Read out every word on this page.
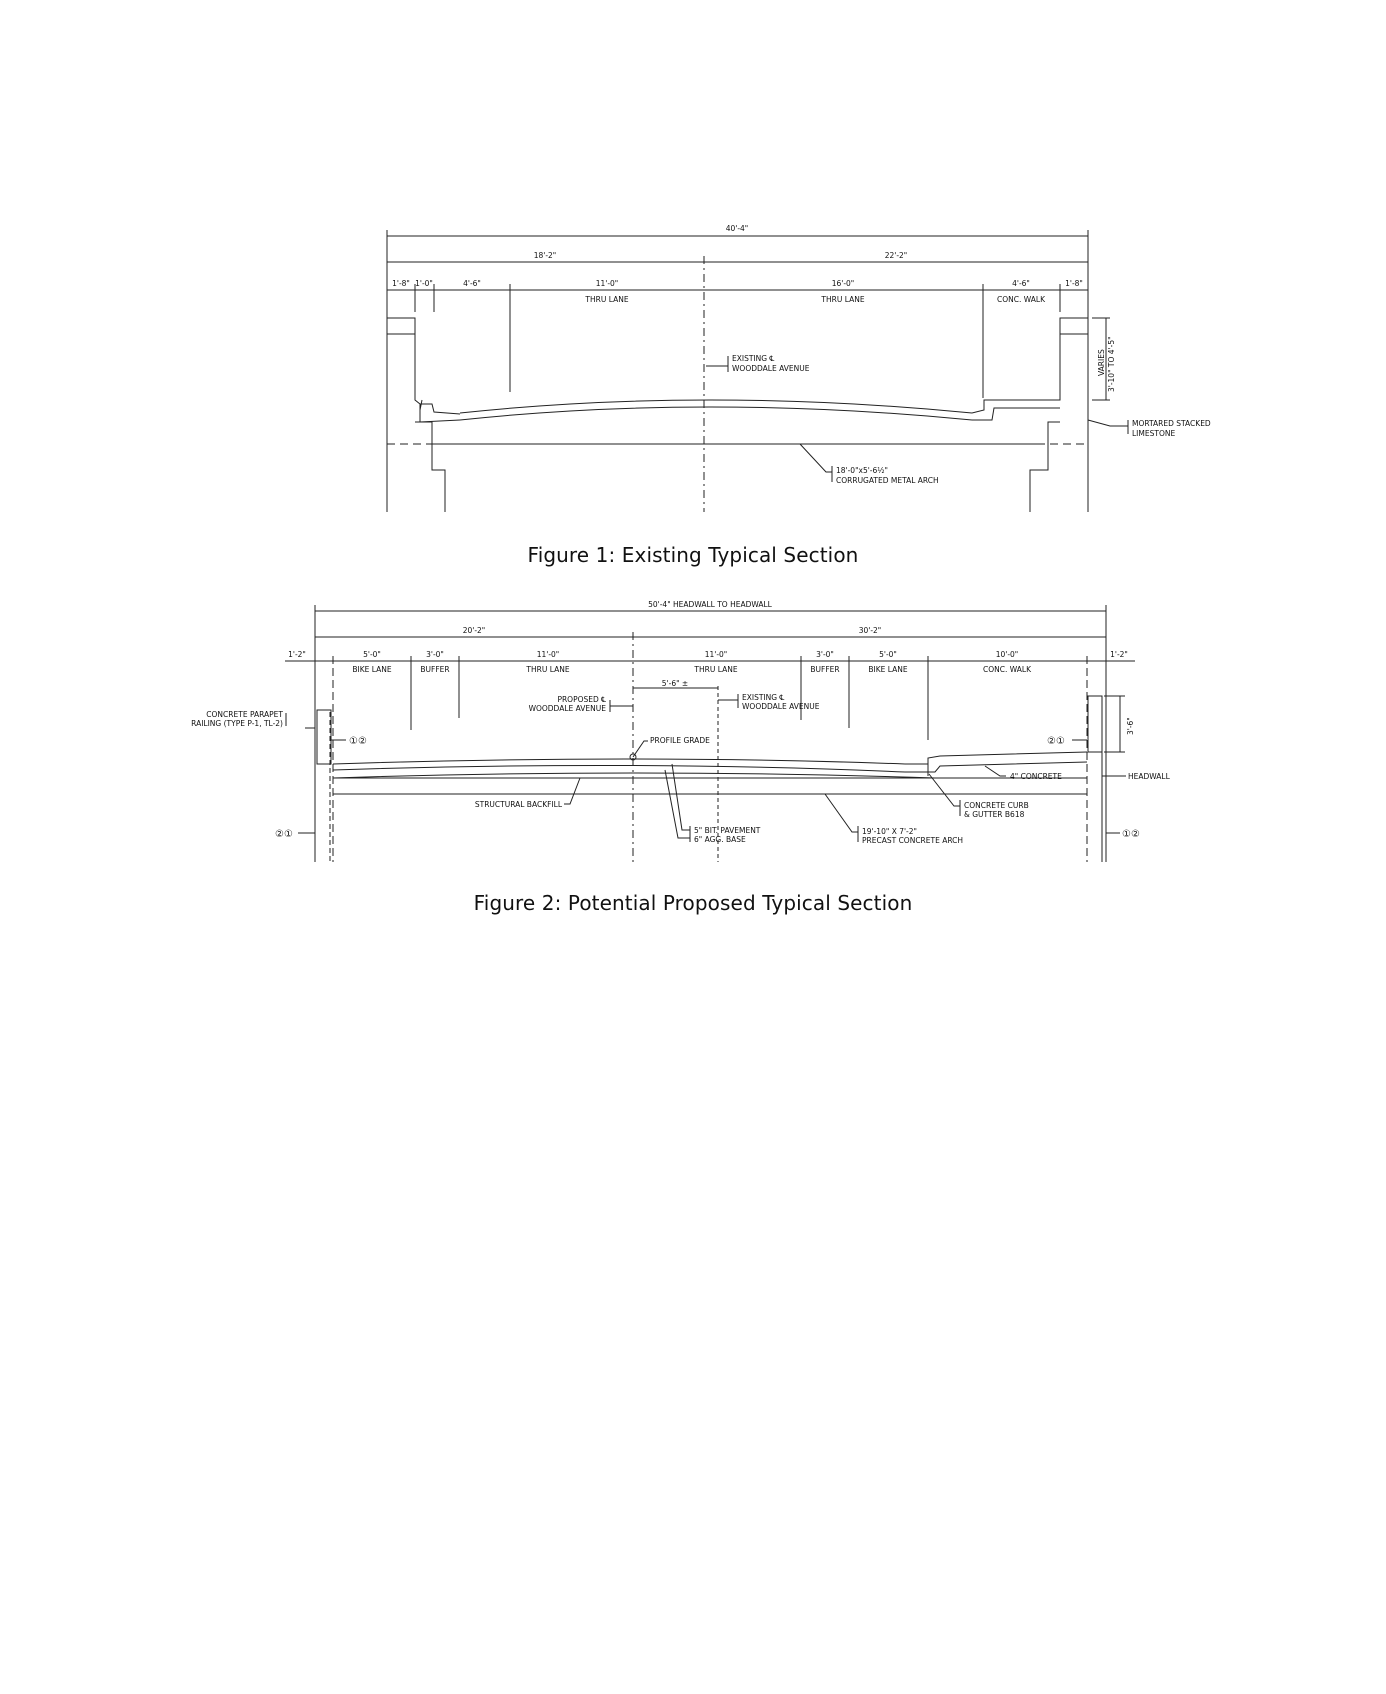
40'-4"
18'-2"	22'-2"
1'-8" 1'-0"	4'-6"	11'-0"	16'-0"	4'-6"	1'-8"
THRU LANE	THRU LANE	CONC. WALK
EXISTING ℄
WOODDALE AVENUE	VARIES 3'-10" TO 4'-5"
MORTARED STACKED
LIMESTONE
18'-0"x5'-6½"
CORRUGATED METAL ARCH
Figure 1: Existing Typical Section
50'-4" HEADWALL TO HEADWALL
20'-2"	30'-2"
1'-2"	5'-0"	3'-0"	11'-0"	11'-0"	3'-0"	5'-0"	10'-0"	1'-2"
BIKE LANE	BUFFER	THRU LANE	THRU LANE	BUFFER	BIKE LANE	CONC. WALK
5'-6" ±
PROPOSED ℄
WOODDALE AVENUE
EXISTING ℄
WOODDALE AVENUE
CONCRETE PARAPET
RAILING (TYPE P-1, TL-2)
PROFILE GRADE
4" CONCRETE	HEADWALL
STRUCTURAL BACKFILL	CONCRETE CURB
& GUTTER B618
5" BIT. PAVEMENT
6" AGG. BASE
19'-10" X 7'-2"
PRECAST CONCRETE ARCH
3'-6"
①②	②①
②①	①②
Figure 2: Potential Proposed Typical Section
